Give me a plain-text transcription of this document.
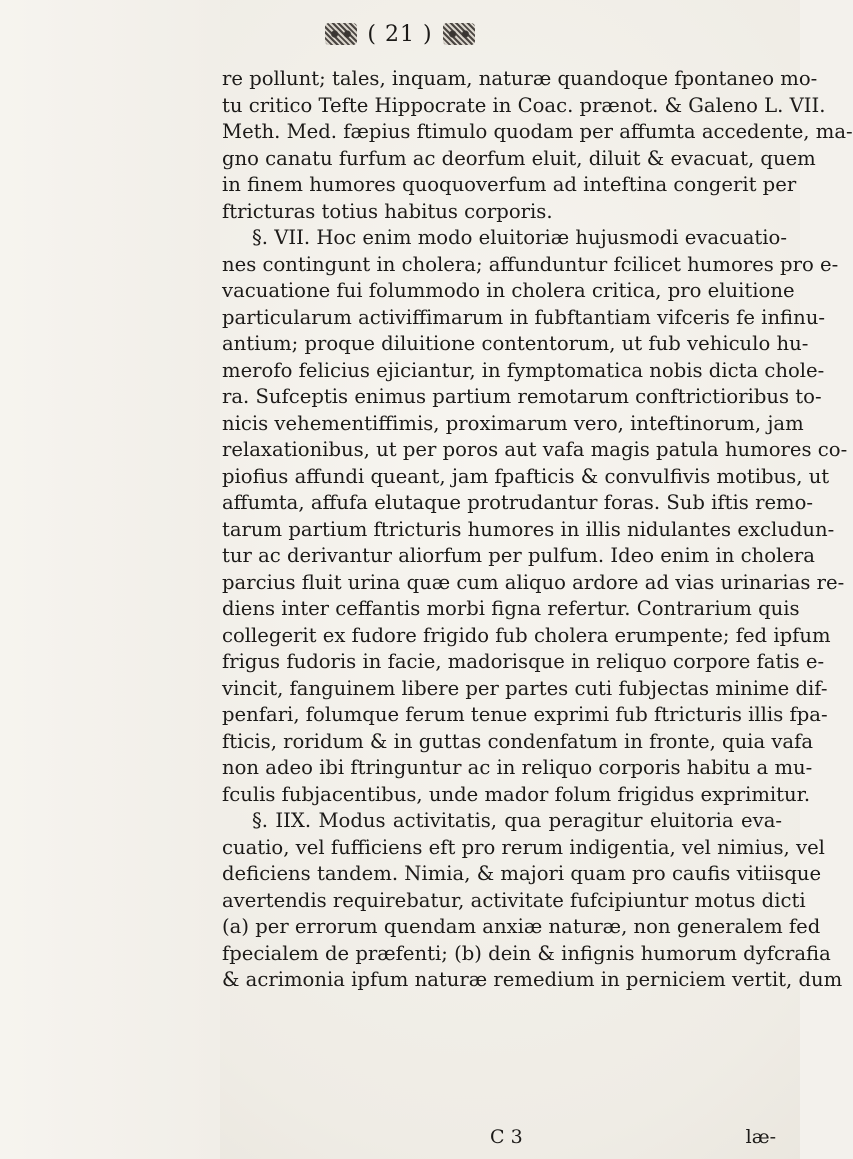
( 21 )
re pollunt; tales, inquam, naturæ quandoque fpontaneo mo-
tu critico Tefte Hippocrate in Coac. prænot. & Galeno L. VII.
Meth. Med. fæpius ftimulo quodam per affumta accedente, ma-
gno canatu furfum ac deorfum eluit, diluit & evacuat, quem
in finem humores quoquoverfum ad inteftina congerit per
ftricturas totius habitus corporis.
§. VII. Hoc enim modo eluitoriæ hujusmodi evacuatio-
nes contingunt in cholera; affunduntur fcilicet humores pro e-
vacuatione fui folummodo in cholera critica, pro eluitione
particularum activiffimarum in fubftantiam vifceris fe infinu-
antium; proque diluitione contentorum, ut fub vehiculo hu-
merofo felicius ejiciantur, in fymptomatica nobis dicta chole-
ra. Sufceptis enimus partium remotarum conftrictioribus to-
nicis vehementiffimis, proximarum vero, inteftinorum, jam
relaxationibus, ut per poros aut vafa magis patula humores co-
piofius affundi queant, jam fpafticis & convulfivis motibus, ut
affumta, affufa elutaque protrudantur foras. Sub iftis remo-
tarum partium ftricturis humores in illis nidulantes excludun-
tur ac derivantur aliorfum per pulfum. Ideo enim in cholera
parcius fluit urina quæ cum aliquo ardore ad vias urinarias re-
diens inter ceffantis morbi figna refertur. Contrarium quis
collegerit ex fudore frigido fub cholera erumpente; fed ipfum
frigus fudoris in facie, madorisque in reliquo corpore fatis e-
vincit, fanguinem libere per partes cuti fubjectas minime dif-
penfari, folumque ferum tenue exprimi fub ftricturis illis fpa-
fticis, roridum & in guttas condenfatum in fronte, quia vafa
non adeo ibi ftringuntur ac in reliquo corporis habitu a mu-
fculis fubjacentibus, unde mador folum frigidus exprimitur.
§. IIX. Modus activitatis, qua peragitur eluitoria eva-
cuatio, vel fufficiens eft pro rerum indigentia, vel nimius, vel
deficiens tandem. Nimia, & majori quam pro caufis vitiisque
avertendis requirebatur, activitate fufcipiuntur motus dicti
(a) per errorum quendam anxiæ naturæ, non generalem fed
fpecialem de præfenti; (b) dein & infignis humorum dyfcrafia
& acrimonia ipfum naturæ remedium in perniciem vertit, dum
C 3	læ-
